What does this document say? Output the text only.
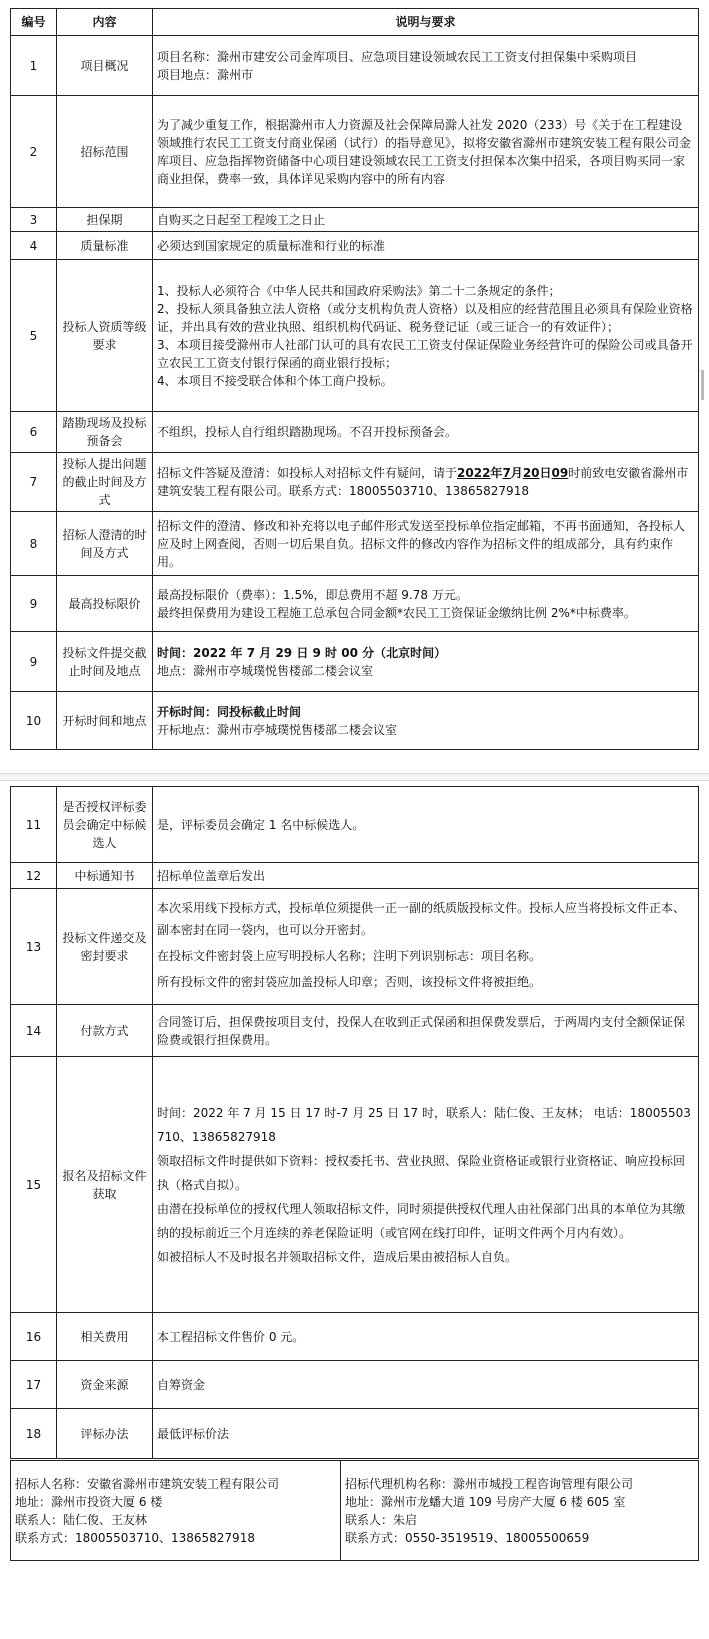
编号	内容	说明与要求
1	项目概况	项目名称：滁州市建安公司金库项目、应急项目建设领域农民工工资支付担保集中采购项目
项目地点：滁州市

2	招标范围	为了减少重复工作，根据滁州市人力资源及社会保障局滁人社发 2020（233）号《关于在工程建设领域推行农民工工资支付商业保函（试行）的指导意见》，拟将安徽省滁州市建筑安装工程有限公司金库项目、应急指挥物资储备中心项目建设领域农民工工资支付担保本次集中招采，各项目购买同一家商业担保，费率一致，具体详见采购内容中的所有内容
3	担保期	自购买之日起至工程竣工之日止
4	质量标准	必须达到国家规定的质量标准和行业的标准
5	投标人资质等级要求	1、投标人必须符合《中华人民共和国政府采购法》第二十二条规定的条件；
2、投标人须具备独立法人资格（或分支机构负责人资格）以及相应的经营范围且必须具有保险业资格证，并出具有效的营业执照、组织机构代码证、税务登记证（或三证合一的有效证件）；
3、本项目接受滁州市人社部门认可的具有农民工工资支付保证保险业务经营许可的保险公司或具备开立农民工工资支付银行保函的商业银行投标；
4、本项目不接受联合体和个体工商户投标。

6	踏勘现场及投标预备会	不组织，投标人自行组织踏勘现场。不召开投标预备会。
7	投标人提出问题的截止时间及方式	招标文件答疑及澄清：如投标人对招标文件有疑问，请于2022年7月20日09时前致电安徽省滁州市建筑安装工程有限公司。联系方式：18005503710、13865827918
8	招标人澄清的时间及方式	招标文件的澄清、修改和补充将以电子邮件形式发送至投标单位指定邮箱，不再书面通知，各投标人应及时上网查阅，否则一切后果自负。招标文件的修改内容作为招标文件的组成部分，具有约束作用。
9	最高投标限价	最高投标限价（费率）：1.5%，即总费用不超 9.78 万元。
最终担保费用为建设工程施工总承包合同金额*农民工工资保证金缴纳比例 2%*中标费率。

9	投标文件提交截止时间及地点	时间：2022 年 7 月 29 日 9 时 00 分（北京时间）
地点：滁州市亭城璞悦售楼部二楼会议室

10	开标时间和地点	开标时间：同投标截止时间
开标地点：滁州市亭城璞悦售楼部二楼会议室
11	是否授权评标委员会确定中标候选人	是，评标委员会确定 1 名中标候选人。
12	中标通知书	招标单位盖章后发出
13	投标文件递交及密封要求	本次采用线下投标方式，投标单位须提供一正一副的纸质版投标文件。投标人应当将投标文件正本、副本密封在同一袋内，也可以分开密封。

在投标文件密封袋上应写明投标人名称；注明下列识别标志：项目名称。

所有投标文件的密封袋应加盖投标人印章；否则，该投标文件将被拒绝。

14	付款方式	合同签订后，担保费按项目支付，投保人在收到正式保函和担保费发票后，于两周内支付全额保证保险费或银行担保费用。
15	报名及招标文件获取	时间：2022 年 7 月 15 日 17 时-7 月 25 日 17 时，联系人：陆仁俊、王友林； 电话：18005503710、13865827918

领取招标文件时提供如下资料：授权委托书、营业执照、保险业资格证或银行业资格证、响应投标回执（格式自拟）。

由潜在投标单位的授权代理人领取招标文件，同时须提供授权代理人由社保部门出具的本单位为其缴纳的投标前近三个月连续的养老保险证明（或官网在线打印件，证明文件两个月内有效）。

如被招标人不及时报名并领取招标文件，造成后果由被招标人自负。

16	相关费用	本工程招标文件售价 0 元。
17	资金来源	自筹资金
18	评标办法	最低评标价法
招标人名称：安徽省滁州市建筑安装工程有限公司
地址：滁州市投资大厦 6 楼
联系人：陆仁俊、王友林
联系方式：18005503710、13865827918

招标代理机构名称：滁州市城投工程咨询管理有限公司
地址：滁州市龙蟠大道 109 号房产大厦 6 楼 605 室
联系人：朱启
联系方式：0550-3519519、18005500659
